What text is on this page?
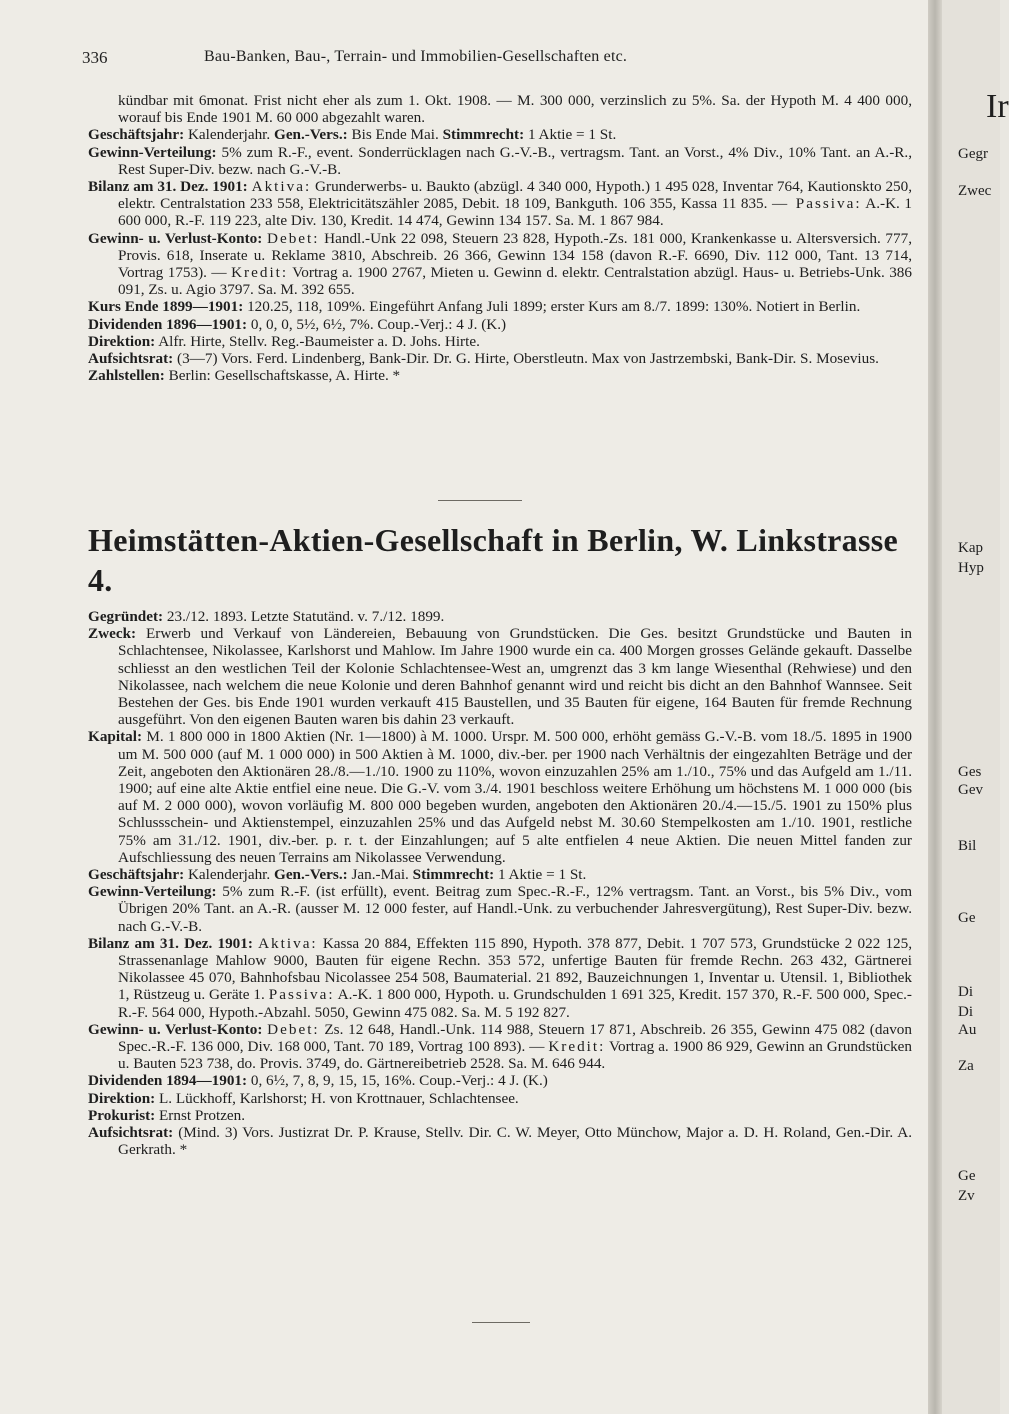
336	Bau-Banken, Bau-, Terrain- und Immobilien-Gesellschaften etc.

kündbar mit 6monat. Frist nicht eher als zum 1. Okt. 1908. — M. 300 000, verzinslich zu 5%. Sa. der Hypoth M. 4 400 000, worauf bis Ende 1901 M. 60 000 abgezahlt waren.

Geschäftsjahr: Kalenderjahr. Gen.-Vers.: Bis Ende Mai. Stimmrecht: 1 Aktie = 1 St.

Gewinn-Verteilung: 5% zum R.-F., event. Sonderrücklagen nach G.-V.-B., vertragsm. Tant. an Vorst., 4% Div., 10% Tant. an A.-R., Rest Super-Div. bezw. nach G.-V.-B.

Bilanz am 31. Dez. 1901: Aktiva: Grunderwerbs- u. Baukto (abzügl. 4 340 000, Hypoth.) 1 495 028, Inventar 764, Kautionskto 250, elektr. Centralstation 233 558, Elektricitätszähler 2085, Debit. 18 109, Bankguth. 106 355, Kassa 11 835. — Passiva: A.-K. 1 600 000, R.-F. 119 223, alte Div. 130, Kredit. 14 474, Gewinn 134 157. Sa. M. 1 867 984.

Gewinn- u. Verlust-Konto: Debet: Handl.-Unk 22 098, Steuern 23 828, Hypoth.-Zs. 181 000, Krankenkasse u. Altersversich. 777, Provis. 618, Inserate u. Reklame 3810, Abschreib. 26 366, Gewinn 134 158 (davon R.-F. 6690, Div. 112 000, Tant. 13 714, Vortrag 1753). — Kredit: Vortrag a. 1900 2767, Mieten u. Gewinn d. elektr. Centralstation abzügl. Haus- u. Betriebs-Unk. 386 091, Zs. u. Agio 3797. Sa. M. 392 655.

Kurs Ende 1899—1901: 120.25, 118, 109%. Eingeführt Anfang Juli 1899; erster Kurs am 8./7. 1899: 130%. Notiert in Berlin.

Dividenden 1896—1901: 0, 0, 0, 5½, 6½, 7%. Coup.-Verj.: 4 J. (K.)

Direktion: Alfr. Hirte, Stellv. Reg.-Baumeister a. D. Johs. Hirte.

Aufsichtsrat: (3—7) Vors. Ferd. Lindenberg, Bank-Dir. Dr. G. Hirte, Oberstleutn. Max von Jastrzembski, Bank-Dir. S. Mosevius.

Zahlstellen: Berlin: Gesellschaftskasse, A. Hirte. *

Heimstätten-Aktien-Gesellschaft in Berlin, W. Linkstrasse 4.

Gegründet: 23./12. 1893. Letzte Statutänd. v. 7./12. 1899.

Zweck: Erwerb und Verkauf von Ländereien, Bebauung von Grundstücken. Die Ges. besitzt Grundstücke und Bauten in Schlachtensee, Nikolassee, Karlshorst und Mahlow. Im Jahre 1900 wurde ein ca. 400 Morgen grosses Gelände gekauft. Dasselbe schliesst an den westlichen Teil der Kolonie Schlachtensee-West an, umgrenzt das 3 km lange Wiesenthal (Rehwiese) und den Nikolassee, nach welchem die neue Kolonie und deren Bahnhof genannt wird und reicht bis dicht an den Bahnhof Wannsee. Seit Bestehen der Ges. bis Ende 1901 wurden verkauft 415 Baustellen, und 35 Bauten für eigene, 164 Bauten für fremde Rechnung ausgeführt. Von den eigenen Bauten waren bis dahin 23 verkauft.

Kapital: M. 1 800 000 in 1800 Aktien (Nr. 1—1800) à M. 1000. Urspr. M. 500 000, erhöht gemäss G.-V.-B. vom 18./5. 1895 in 1900 um M. 500 000 (auf M. 1 000 000) in 500 Aktien à M. 1000, div.-ber. per 1900 nach Verhältnis der eingezahlten Beträge und der Zeit, angeboten den Aktionären 28./8.—1./10. 1900 zu 110%, wovon einzuzahlen 25% am 1./10., 75% und das Aufgeld am 1./11. 1900; auf eine alte Aktie entfiel eine neue. Die G.-V. vom 3./4. 1901 beschloss weitere Erhöhung um höchstens M. 1 000 000 (bis auf M. 2 000 000), wovon vorläufig M. 800 000 begeben wurden, angeboten den Aktionären 20./4.—15./5. 1901 zu 150% plus Schlussschein- und Aktienstempel, einzuzahlen 25% und das Aufgeld nebst M. 30.60 Stempelkosten am 1./10. 1901, restliche 75% am 31./12. 1901, div.-ber. p. r. t. der Einzahlungen; auf 5 alte entfielen 4 neue Aktien. Die neuen Mittel fanden zur Aufschliessung des neuen Terrains am Nikolassee Verwendung.

Geschäftsjahr: Kalenderjahr. Gen.-Vers.: Jan.-Mai. Stimmrecht: 1 Aktie = 1 St.

Gewinn-Verteilung: 5% zum R.-F. (ist erfüllt), event. Beitrag zum Spec.-R.-F., 12% vertragsm. Tant. an Vorst., bis 5% Div., vom Übrigen 20% Tant. an A.-R. (ausser M. 12 000 fester, auf Handl.-Unk. zu verbuchender Jahresvergütung), Rest Super-Div. bezw. nach G.-V.-B.

Bilanz am 31. Dez. 1901: Aktiva: Kassa 20 884, Effekten 115 890, Hypoth. 378 877, Debit. 1 707 573, Grundstücke 2 022 125, Strassenanlage Mahlow 9000, Bauten für eigene Rechn. 353 572, unfertige Bauten für fremde Rechn. 263 432, Gärtnerei Nikolassee 45 070, Bahnhofsbau Nicolassee 254 508, Baumaterial. 21 892, Bauzeichnungen 1, Inventar u. Utensil. 1, Bibliothek 1, Rüstzeug u. Geräte 1. Passiva: A.-K. 1 800 000, Hypoth. u. Grundschulden 1 691 325, Kredit. 157 370, R.-F. 500 000, Spec.-R.-F. 564 000, Hypoth.-Abzahl. 5050, Gewinn 475 082. Sa. M. 5 192 827.

Gewinn- u. Verlust-Konto: Debet: Zs. 12 648, Handl.-Unk. 114 988, Steuern 17 871, Abschreib. 26 355, Gewinn 475 082 (davon Spec.-R.-F. 136 000, Div. 168 000, Tant. 70 189, Vortrag 100 893). — Kredit: Vortrag a. 1900 86 929, Gewinn an Grundstücken u. Bauten 523 738, do. Provis. 3749, do. Gärtnereibetrieb 2528. Sa. M. 646 944.

Dividenden 1894—1901: 0, 6½, 7, 8, 9, 15, 15, 16%. Coup.-Verj.: 4 J. (K.)

Direktion: L. Lückhoff, Karlshorst; H. von Krottnauer, Schlachtensee.

Prokurist: Ernst Protzen.

Aufsichtsrat: (Mind. 3) Vors. Justizrat Dr. P. Krause, Stellv. Dir. C. W. Meyer, Otto Münchow, Major a. D. H. Roland, Gen.-Dir. A. Gerkrath. *

Ir
Gegr
Zwec
Kap
Hyp
Ges
Gev
Bil
Ge
Di
Di
Au
Za
Ge
Zv
